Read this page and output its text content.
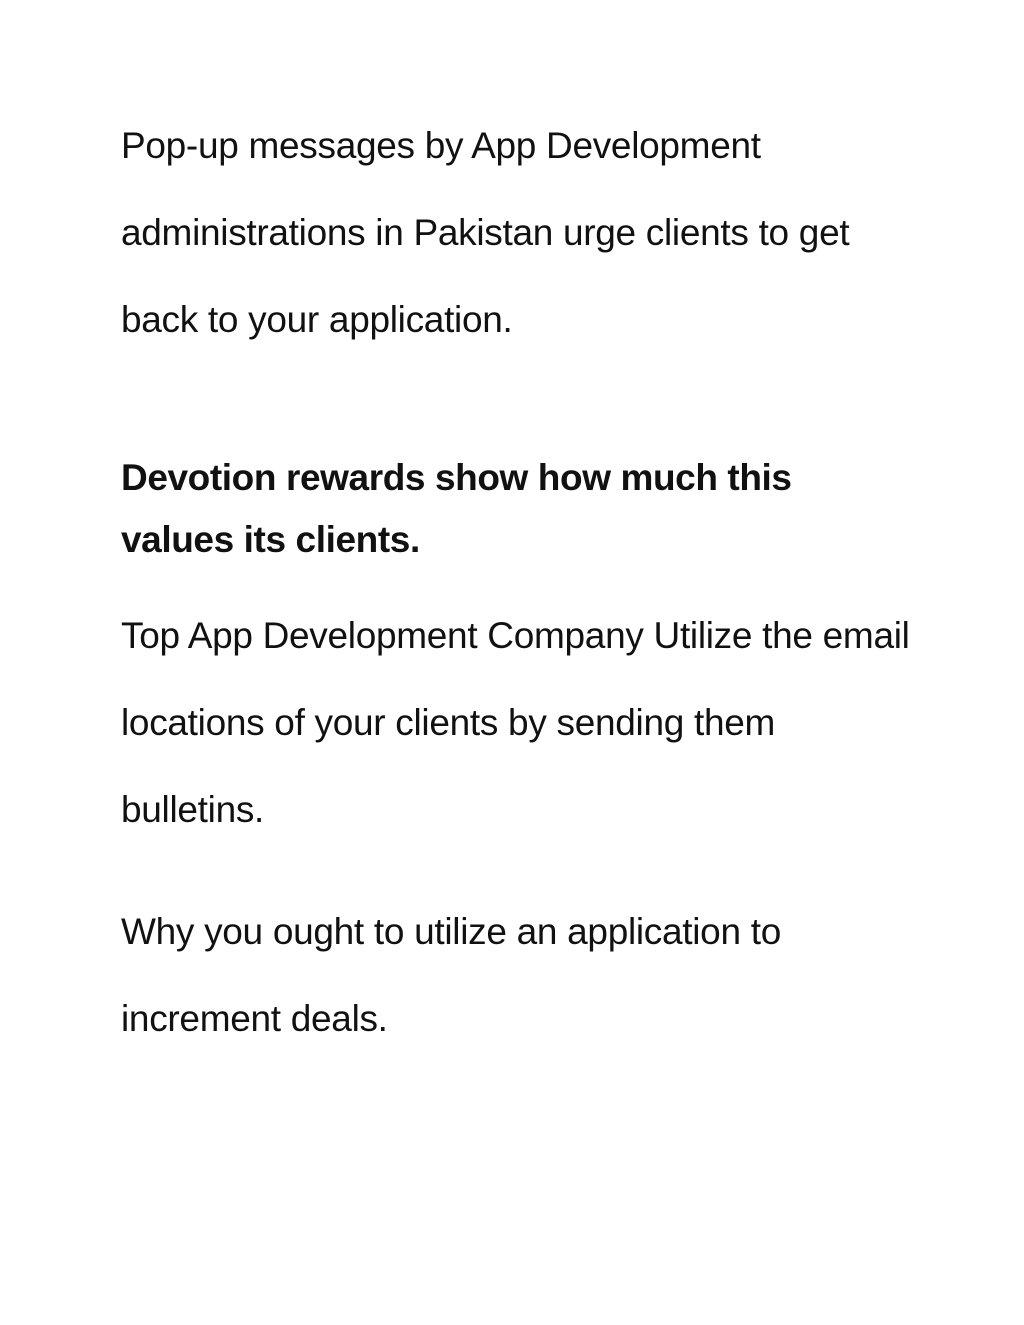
Pop-up messages by App Development administrations in Pakistan urge clients to get back to your application.

Devotion rewards show how much this values its clients.

Top App Development Company Utilize the email locations of your clients by sending them bulletins.

Why you ought to utilize an application to increment deals.
